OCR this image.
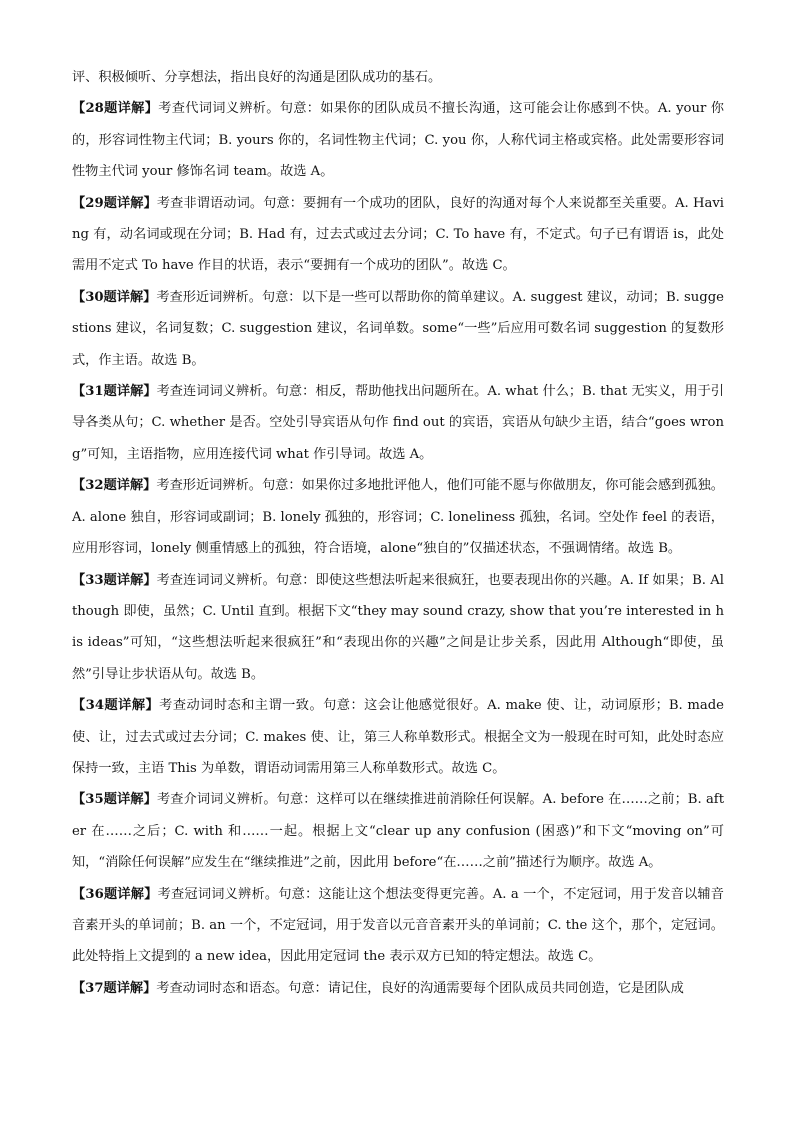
评、积极倾听、分享想法，指出良好的沟通是团队成功的基石。

【28题详解】考查代词词义辨析。句意：如果你的团队成员不擅长沟通，这可能会让你感到不快。A. your 你的，形容词性物主代词；B. yours 你的，名词性物主代词；C. you 你，人称代词主格或宾格。此处需要形容词性物主代词 your 修饰名词 team。故选 A。

【29题详解】考查非谓语动词。句意：要拥有一个成功的团队，良好的沟通对每个人来说都至关重要。A. Having 有，动名词或现在分词；B. Had 有，过去式或过去分词；C. To have 有，不定式。句子已有谓语 is，此处需用不定式 To have 作目的状语，表示“要拥有一个成功的团队”。故选 C。

【30题详解】考查形近词辨析。句意：以下是一些可以帮助你的简单建议。A. suggest 建议，动词；B. suggestions 建议，名词复数；C. suggestion 建议，名词单数。some“一些”后应用可数名词 suggestion 的复数形式，作主语。故选 B。

【31题详解】考查连词词义辨析。句意：相反，帮助他找出问题所在。A. what 什么；B. that 无实义，用于引导各类从句；C. whether 是否。空处引导宾语从句作 find out 的宾语，宾语从句缺少主语，结合“goes wrong”可知，主语指物，应用连接代词 what 作引导词。故选 A。

【32题详解】考查形近词辨析。句意：如果你过多地批评他人，他们可能不愿与你做朋友，你可能会感到孤独。A. alone 独自，形容词或副词；B. lonely 孤独的，形容词；C. loneliness 孤独，名词。空处作 feel 的表语，应用形容词，lonely 侧重情感上的孤独，符合语境，alone“独自的”仅描述状态，不强调情绪。故选 B。

【33题详解】考查连词词义辨析。句意：即使这些想法听起来很疯狂，也要表现出你的兴趣。A. If 如果；B. Although 即使，虽然；C. Until 直到。根据下文“they may sound crazy, show that you’re interested in his ideas”可知，“这些想法听起来很疯狂”和“表现出你的兴趣”之间是让步关系，因此用 Although“即使，虽然”引导让步状语从句。故选 B。

【34题详解】考查动词时态和主谓一致。句意：这会让他感觉很好。A. make 使、让，动词原形；B. made 使、让，过去式或过去分词；C. makes 使、让，第三人称单数形式。根据全文为一般现在时可知，此处时态应保持一致，主语 This 为单数，谓语动词需用第三人称单数形式。故选 C。

【35题详解】考查介词词义辨析。句意：这样可以在继续推进前消除任何误解。A. before 在……之前；B. after 在……之后；C. with 和……一起。根据上文“clear up any confusion (困惑)”和下文“moving on”可知，“消除任何误解”应发生在“继续推进”之前，因此用 before“在……之前”描述行为顺序。故选 A。

【36题详解】考查冠词词义辨析。句意：这能让这个想法变得更完善。A. a 一个，不定冠词，用于发音以辅音音素开头的单词前；B. an 一个，不定冠词，用于发音以元音音素开头的单词前；C. the 这个，那个，定冠词。此处特指上文提到的 a new idea，因此用定冠词 the 表示双方已知的特定想法。故选 C。

【37题详解】考查动词时态和语态。句意：请记住，良好的沟通需要每个团队成员共同创造，它是团队成
